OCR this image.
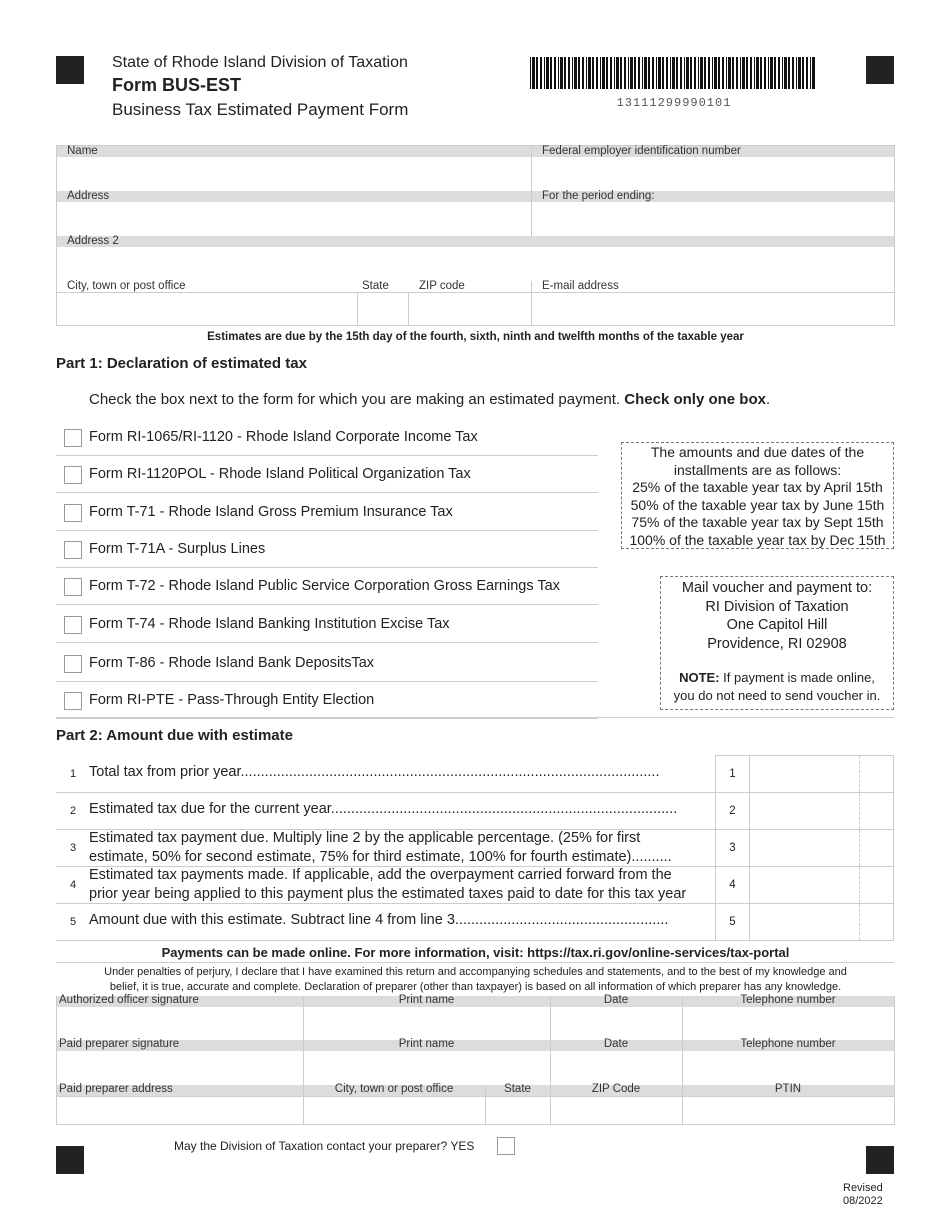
State of Rhode Island Division of Taxation
Form BUS-EST
Business Tax Estimated Payment Form	13111299990101
Name	Federal employer identification number
Address	For the period ending:
Address 2
City, town or post office	State	ZIP code	E-mail address
Estimates are due by the 15th day of the fourth, sixth, ninth and twelfth months of the taxable year
Part 1: Declaration of estimated tax
Check the box next to the form for which you are making an estimated payment. Check only one box.
Form RI-1065/RI-1120 - Rhode Island Corporate Income Tax
Form RI-1120POL - Rhode Island Political Organization Tax
Form T-71 - Rhode Island Gross Premium Insurance Tax
Form T-71A - Surplus Lines
Form T-72 - Rhode Island Public Service Corporation Gross Earnings Tax
Form T-74 - Rhode Island Banking Institution Excise Tax
Form T-86 - Rhode Island Bank DepositsTax
Form RI-PTE - Pass-Through Entity Election
The amounts and due dates of the
installments are as follows:
25% of the taxable year tax by April 15th
50% of the taxable year tax by June 15th
75% of the taxable year tax by Sept 15th
100% of the taxable year tax by Dec 15th
Mail voucher and payment to:
RI Division of Taxation
One Capitol Hill
Providence, RI 02908
NOTE: If payment is made online,
you do not need to send voucher in.
Part 2: Amount due with estimate
1 Total tax from prior year........................................................................................................	1
2 Estimated tax due for the current year......................................................................................	2
3
Estimated tax payment due. Multiply line 2 by the applicable percentage. (25% for first
estimate, 50% for second estimate, 75% for third estimate, 100% for fourth estimate)..........
3
4
Estimated tax payments made. If applicable, add the overpayment carried forward from the
prior year being applied to this payment plus the estimated taxes paid to date for this tax year
4
5 Amount due with this estimate. Subtract line 4 from line 3.....................................................	5
Payments can be made online. For more information, visit: https://tax.ri.gov/online-services/tax-portal
Under penalties of perjury, I declare that I have examined this return and accompanying schedules and statements, and to the best of my knowledge and
belief, it is true, accurate and complete. Declaration of preparer (other than taxpayer) is based on all information of which preparer has any knowledge.
Authorized officer signature	Print name	Date	Telephone number
Paid preparer signature	Print name	Date	Telephone number
Paid preparer address	City, town or post office	State	ZIP Code	PTIN
May the Division of Taxation contact your preparer? YES
Revised
08/2022
